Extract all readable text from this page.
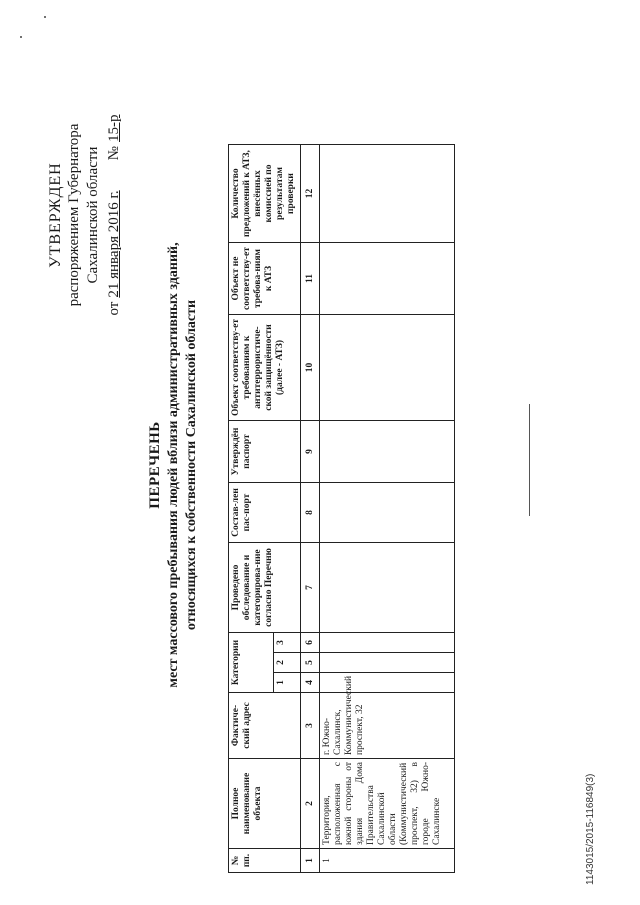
УТВЕРЖДЕН распоряжением Губернатора Сахалинской области
от
21 января 2016 г.
№
15-р
ПЕРЕЧЕНЬ мест массового пребывания людей вблизи административных зданий, относящихся к собственности Сахалинской области
№ пп.	Полное наименование объекта	Фактиче-ский адрес	Категории			Проведено обследование и категорирова-ние согласно Перечню	Состав-лен пас-порт	Утверждён паспорт	Объект соответству-ет требованиям к антитеррористиче-ской защищённости (далее - АТЗ)	Объект не соответству-ет требова-ниям к АТЗ	Количество предложений к АТЗ, внесённых комиссией по результатам проверки
			1	2	3						
1	2	3	4	5	6	7	8	9	10	11	12
1	Территория, расположенная с южной стороны от здания Дома Правительства Сахалинской области (Коммунистический проспект, 32) в городе Южно-Сахалинске	г. Южно-Сахалинск, Коммунистический проспект, 32									
1143015/2015-116849(3)
